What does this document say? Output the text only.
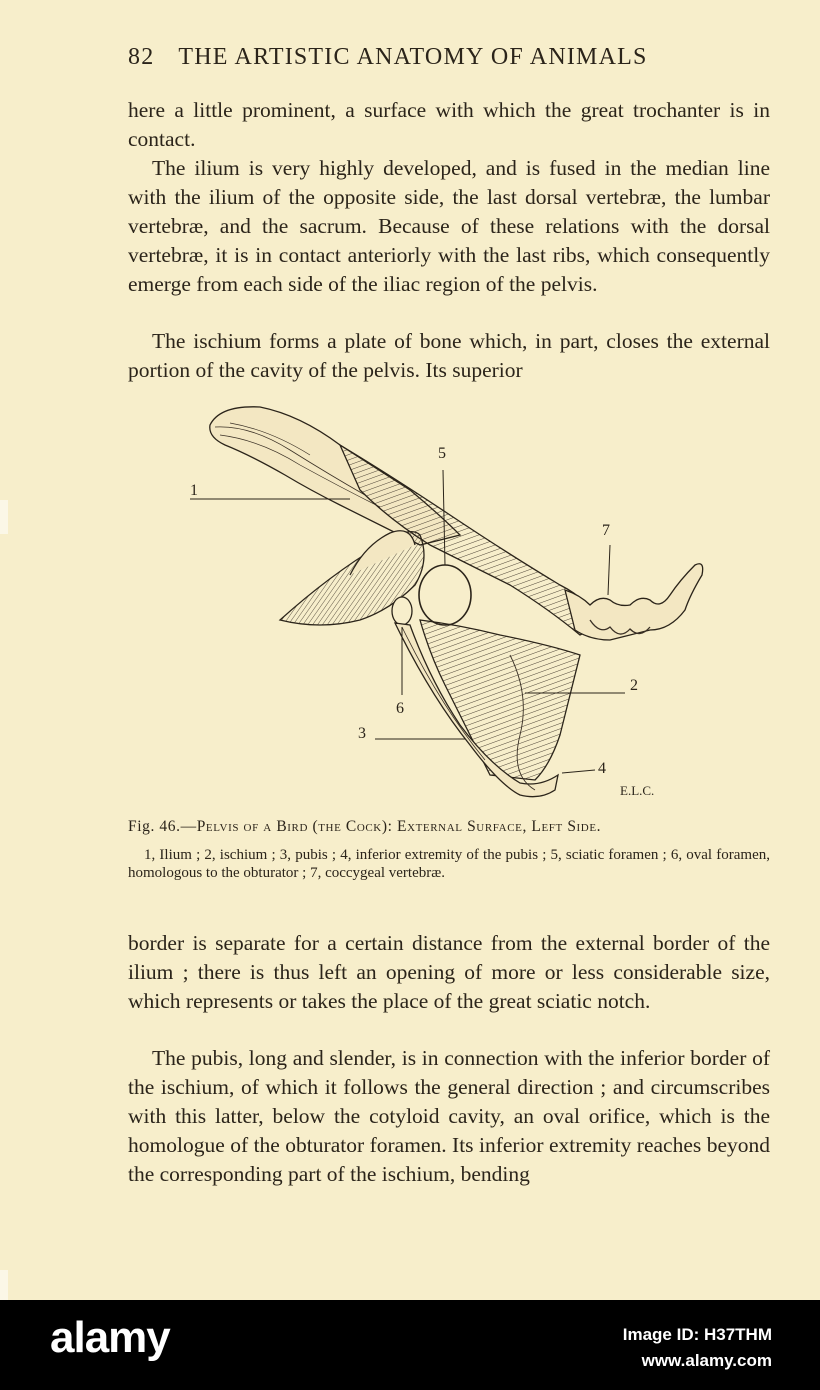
82 THE ARTISTIC ANATOMY OF ANIMALS

here a little prominent, a surface with which the great trochanter is in contact.

The ilium is very highly developed, and is fused in the median line with the ilium of the opposite side, the last dorsal vertebræ, the lumbar vertebræ, and the sacrum. Because of these relations with the dorsal vertebræ, it is in contact anteriorly with the last ribs, which consequently emerge from each side of the iliac region of the pelvis.

The ischium forms a plate of bone which, in part, closes the external portion of the cavity of the pelvis. Its superior

1
2
3
4
5
6
7
E.L.C.
Fig. 46.—Pelvis of a Bird (the Cock): External Surface, Left Side.

1, Ilium ; 2, ischium ; 3, pubis ; 4, inferior extremity of the pubis ; 5, sciatic foramen ; 6, oval foramen, homologous to the obturator ; 7, coccygeal vertebræ.

border is separate for a certain distance from the external border of the ilium ; there is thus left an opening of more or less considerable size, which represents or takes the place of the great sciatic notch.

The pubis, long and slender, is in connection with the inferior border of the ischium, of which it follows the general direction ; and circumscribes with this latter, below the cotyloid cavity, an oval orifice, which is the homologue of the obturator foramen. Its inferior extremity reaches beyond the corresponding part of the ischium, bending

alamy	Image ID: H37THM
www.alamy.com
